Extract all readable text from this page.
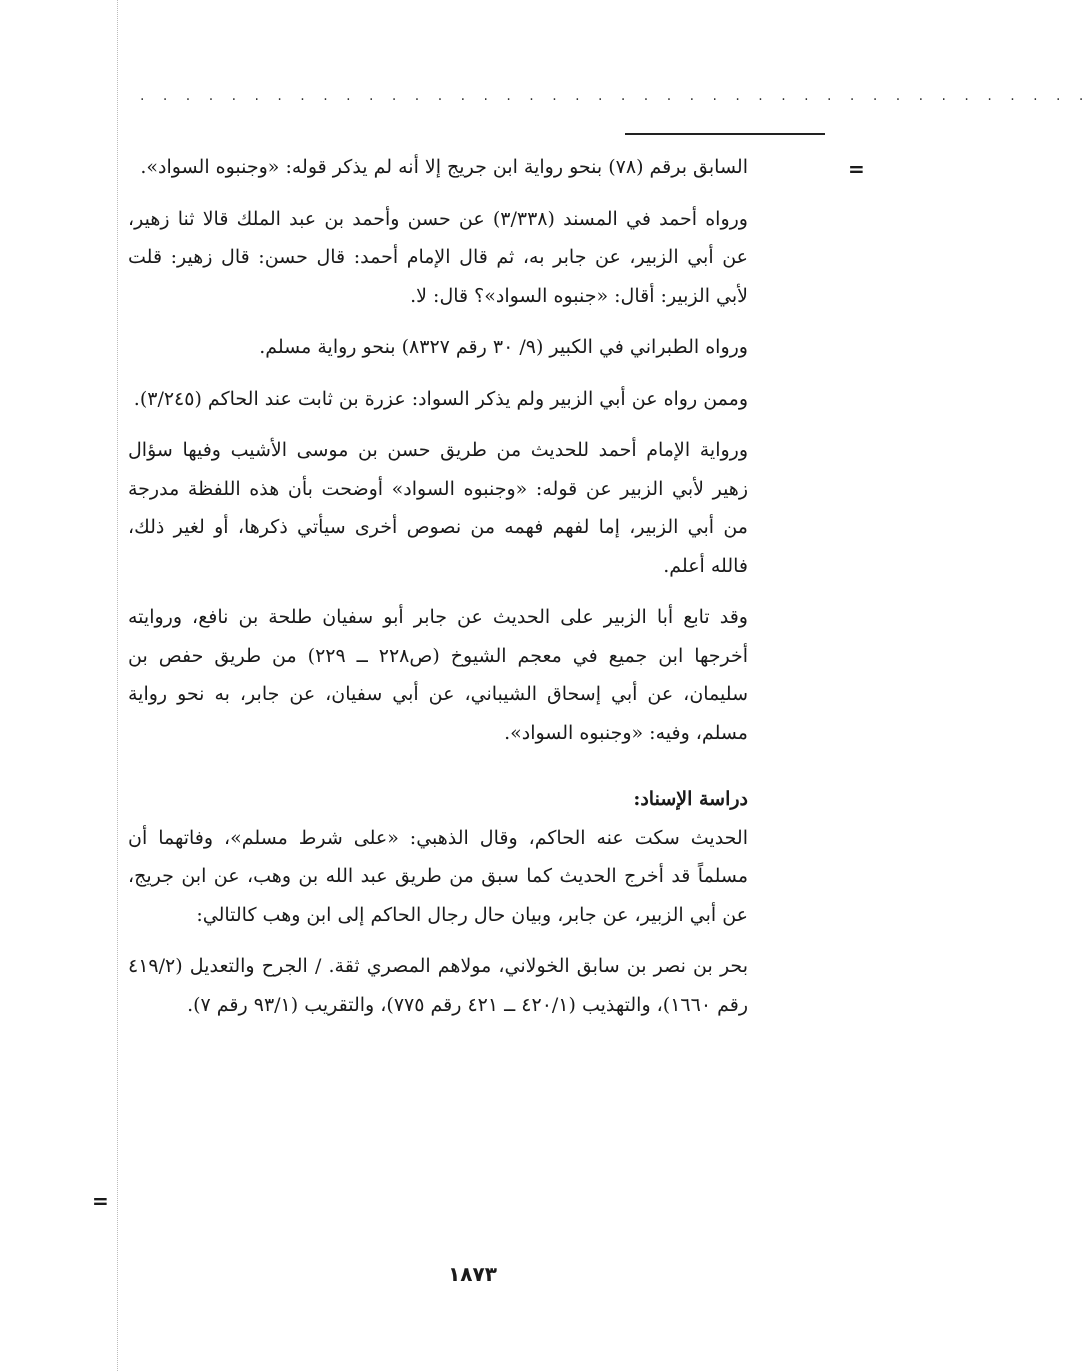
. . . . . . . . . . . . . . . . . . . . . . . . . . . . . . . . . . . . . . . . . .
=
=

السابق برقم (٧٨) بنحو رواية ابن جريج إلا أنه لم يذكر قوله: «وجنبوه السواد».

ورواه أحمد في المسند (٣/٣٣٨) عن حسن وأحمد بن عبد الملك قالا ثنا زهير، عن أبي الزبير، عن جابر به، ثم قال الإمام أحمد: قال حسن: قال زهير: قلت لأبي الزبير: أقال: «جنبوه السواد»؟ قال: لا.

ورواه الطبراني في الكبير (٩/ ٣٠ رقم ٨٣٢٧) بنحو رواية مسلم.

وممن رواه عن أبي الزبير ولم يذكر السواد: عزرة بن ثابت عند الحاكم (٣/٢٤٥).

ورواية الإمام أحمد للحديث من طريق حسن بن موسى الأشيب وفيها سؤال زهير لأبي الزبير عن قوله: «وجنبوه السواد» أوضحت بأن هذه اللفظة مدرجة من أبي الزبير، إما لفهم فهمه من نصوص أخرى سيأتي ذكرها، أو لغير ذلك، فالله أعلم.

وقد تابع أبا الزبير على الحديث عن جابر أبو سفيان طلحة بن نافع، وروايته أخرجها ابن جميع في معجم الشيوخ (ص٢٢٨ ــ ٢٢٩) من طريق حفص بن سليمان، عن أبي إسحاق الشيباني، عن أبي سفيان، عن جابر، به نحو رواية مسلم، وفيه: «وجنبوه السواد».

دراسة الإسناد:

الحديث سكت عنه الحاكم، وقال الذهبي: «على شرط مسلم»، وفاتهما أن مسلماً قد أخرج الحديث كما سبق من طريق عبد الله بن وهب، عن ابن جريج، عن أبي الزبير، عن جابر، وبيان حال رجال الحاكم إلى ابن وهب كالتالي:

بحر بن نصر بن سابق الخولاني، مولاهم المصري ثقة. / الجرح والتعديل (٤١٩/٢ رقم ١٦٦٠)، والتهذيب (٤٢٠/١ ــ ٤٢١ رقم ٧٧٥)، والتقريب (٩٣/١ رقم ٧).

١٨٧٣
